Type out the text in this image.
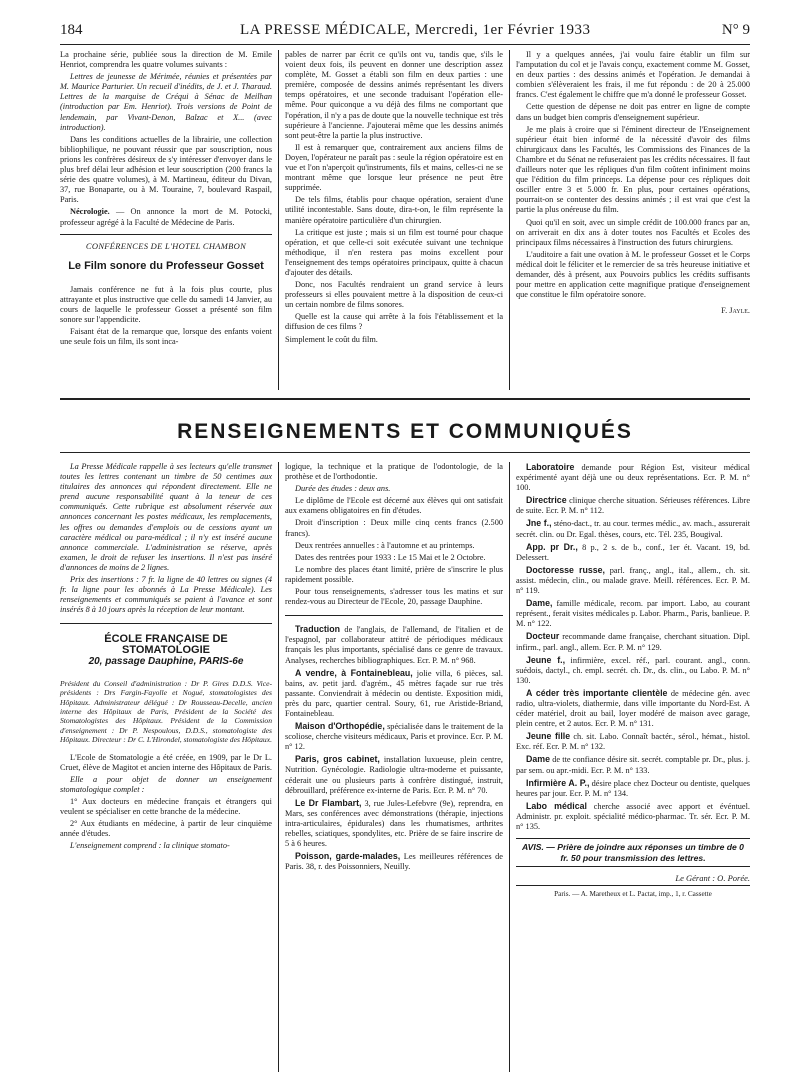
184	LA PRESSE MÉDICALE, Mercredi, 1er Février 1933	N° 9

La prochaine série, publiée sous la direction de M. Emile Henriot, comprendra les quatre volumes suivants :

Lettres de jeunesse de Mérimée, réunies et présentées par M. Maurice Parturier. Un recueil d'inédits, de J. et J. Tharaud. Lettres de la marquise de Créqui à Sénac de Meilhan (introduction par Em. Henriot). Trois versions de Point de lendemain, par Vivant-Denon, Balzac et X... (avec introduction).

Dans les conditions actuelles de la librairie, une collection bibliophilique, ne pouvant réussir que par souscription, nous prions les confrères désireux de s'y intéresser d'envoyer dans le plus bref délai leur adhésion et leur souscription (200 francs la série des quatre volumes), à M. Martineau, éditeur du Divan, 37, rue Bonaparte, ou à M. Touraine, 7, boulevard Raspail, Paris.

Nécrologie. — On annonce la mort de M. Potocki, professeur agrégé à la Faculté de Médecine de Paris.

CONFÉRENCES DE L'HOTEL CHAMBON
Le Film sonore du Professeur Gosset

Jamais conférence ne fut à la fois plus courte, plus attrayante et plus instructive que celle du samedi 14 Janvier, au cours de laquelle le professeur Gosset a présenté son film sonore sur l'appendicite.

Faisant état de la remarque que, lorsque des enfants voient une seule fois un film, ils sont inca-

pables de narrer par écrit ce qu'ils ont vu, tandis que, s'ils le voient deux fois, ils peuvent en donner une description assez complète, M. Gosset a établi son film en deux parties : une première, composée de dessins animés représentant les divers temps opératoires, et une seconde traduisant l'opération elle-même. Pour quiconque a vu déjà des films ne comportant que l'opération, il n'y a pas de doute que la nouvelle technique est très supérieure à l'ancienne. J'ajouterai même que les dessins animés sont peut-être la partie la plus instructive.

Il est à remarquer que, contrairement aux anciens films de Doyen, l'opérateur ne paraît pas : seule la région opératoire est en vue et l'on n'aperçoit qu'instruments, fils et mains, celles-ci ne se montrant même que lorsque leur présence ne peut être supprimée.

De tels films, établis pour chaque opération, seraient d'une utilité incontestable. Sans doute, dira-t-on, le film représente la manière opératoire particulière d'un chirurgien.

La critique est juste ; mais si un film est tourné pour chaque opération, et que celle-ci soit exécutée suivant une technique méthodique, il n'en restera pas moins excellent pour l'enseignement des temps opératoires principaux, quitte à chacun d'ajouter des détails.

Donc, nos Facultés rendraient un grand service à leurs professeurs si elles pouvaient mettre à la disposition de ceux-ci un certain nombre de films sonores.

Quelle est la cause qui arrête à la fois l'établissement et la diffusion de ces films ?

Simplement le coût du film.

Il y a quelques années, j'ai voulu faire établir un film sur l'amputation du col et je l'avais conçu, exactement comme M. Gosset, en deux parties : des dessins animés et l'opération. Je demandai à combien s'élèveraient les frais, il me fut répondu : de 20 à 25.000 francs. C'est également le chiffre que m'a donné le professeur Gosset.

Cette question de dépense ne doit pas entrer en ligne de compte dans un budget bien compris d'enseignement supérieur.

Je me plais à croire que si l'éminent directeur de l'Enseignement supérieur était bien informé de la nécessité d'avoir des films chirurgicaux dans les Facultés, les Commissions des Finances de la Chambre et du Sénat ne refuseraient pas les crédits nécessaires. Il faut d'ailleurs noter que les répliques d'un film coûtent infiniment moins que l'édition du film princeps. La dépense pour ces répliques doit osciller entre 3 et 5.000 fr. En plus, pour certaines opérations, pourrait-on se contenter des dessins animés ; il est vrai que c'est la partie la plus onéreuse du film.

Quoi qu'il en soit, avec un simple crédit de 100.000 francs par an, on arriverait en dix ans à doter toutes nos Facultés et Ecoles des principaux films nécessaires à l'instruction des futurs chirurgiens.

L'auditoire a fait une ovation à M. le professeur Gosset et le Corps médical doit le féliciter et le remercier de sa très heureuse initiative et demander, dès à présent, aux Pouvoirs publics les crédits suffisants pour mettre en application cette magnifique pratique d'enseignement que constitue le film opératoire sonore.

F. Jayle.
RENSEIGNEMENTS ET COMMUNIQUÉS

La Presse Médicale rappelle à ses lecteurs qu'elle transmet toutes les lettres contenant un timbre de 50 centimes aux titulaires des annonces qui répondent directement. Elle ne prend aucune responsabilité quant à la teneur de ces communiqués. Cette rubrique est absolument réservée aux annonces concernant les postes médicaux, les remplacements, les offres ou demandes d'emplois ou de cessions ayant un caractère médical ou para-médical ; il n'y est inséré aucune annonce commerciale. L'administration se réserve, après examen, le droit de refuser les insertions. Il n'est pas inséré d'annonces de moins de 2 lignes.

Prix des insertions : 7 fr. la ligne de 40 lettres ou signes (4 fr. la ligne pour les abonnés à La Presse Médicale). Les renseignements et communiqués se paient à l'avance et sont insérés 8 à 10 jours après la réception de leur montant.

ÉCOLE FRANÇAISE DE STOMATOLOGIE
20, passage Dauphine, PARIS-6e

Président du Conseil d'administration : Dr P. Gires D.D.S. Vice-présidents : Drs Fargin-Fayolle et Nogué, stomatologistes des Hôpitaux. Administrateur délégué : Dr Rousseau-Decelle, ancien interne des Hôpitaux de Paris, Président de la Société des Stomatologistes des Hôpitaux. Président de la Commission d'enseignement : Dr P. Nespoulous, D.D.S., stomatologiste des Hôpitaux. Directeur : Dr C. L'Hirondel, stomatologiste des Hôpitaux.

L'Ecole de Stomatologie a été créée, en 1909, par le Dr L. Cruet, élève de Magitot et ancien interne des Hôpitaux de Paris.

Elle a pour objet de donner un enseignement stomatologique complet :

1° Aux docteurs en médecine français et étrangers qui veulent se spécialiser en cette branche de la médecine.

2° Aux étudiants en médecine, à partir de leur cinquième année d'études.

L'enseignement comprend : la clinique stomato-

logique, la technique et la pratique de l'odontologie, de la prothèse et de l'orthodontie.

Durée des études : deux ans.

Le diplôme de l'Ecole est décerné aux élèves qui ont satisfait aux examens obligatoires en fin d'études.

Droit d'inscription : Deux mille cinq cents francs (2.500 francs).

Deux rentrées annuelles : à l'automne et au printemps.

Dates des rentrées pour 1933 : Le 15 Mai et le 2 Octobre.

Le nombre des places étant limité, prière de s'inscrire le plus rapidement possible.

Pour tous renseignements, s'adresser tous les matins et sur rendez-vous au Directeur de l'Ecole, 20, passage Dauphine.

Traduction de l'anglais, de l'allemand, de l'italien et de l'espagnol, par collaborateur attitré de périodiques médicaux français les plus importants, spécialisé dans ce genre de travaux. Analyses, recherches bibliographiques. Ecr. P. M. n° 968.

A vendre, à Fontainebleau, jolie villa, 6 pièces, sal. bains, av. petit jard. d'agrém., 45 mètres façade sur rue très passante. Conviendrait à médecin ou dentiste. Exposition midi, près du parc, quartier central. Soury, 61, rue Aristide-Briand, Fontainebleau.

Maison d'Orthopédie, spécialisée dans le traitement de la scoliose, cherche visiteurs médicaux, Paris et province. Ecr. P. M. n° 12.

Paris, gros cabinet, installation luxueuse, plein centre, Nutrition. Gynécologie. Radiologie ultra-moderne et puissante, céderait une ou plusieurs parts à confrère distingué, instruit, débrouillard, préférence ex-interne de Paris. Ecr. P. M. n° 70.

Le Dr Flambart, 3, rue Jules-Lefebvre (9e), reprendra, en Mars, ses conférences avec démonstrations (thérapie, injections intra-articulaires, épidurales) dans les rhumatismes, arthrites rebelles, sciatiques, spondylites, etc. Prière de se faire inscrire de 5 à 6 heures.

Poisson, garde-malades, Les meilleures références de Paris. 38, r. des Poissonniers, Neuilly.

Laboratoire demande pour Région Est, visiteur médical expérimenté ayant déjà une ou deux représentations. Ecr. P. M. n° 100.

Directrice clinique cherche situation. Sérieuses références. Libre de suite. Ecr. P. M. n° 112.

Jne f., sténo-dact., tr. au cour. termes médic., av. mach., assurerait secrét. clin. ou Dr. Egal. thèses, cours, etc. Tél. 235, Bougival.

App. pr Dr., 8 p., 2 s. de b., conf., 1er ét. Vacant. 19, bd. Delessert.

Doctoresse russe, parl. franç., angl., ital., allem., ch. sit. assist. médecin, clin., ou malade grave. Meill. références. Ecr. P. M. n° 119.

Dame, famille médicale, recom. par import. Labo, au courant représent., ferait visites médicales p. Labor. Pharm., Paris, banlieue. P. M. n° 122.

Docteur recommande dame française, cherchant situation. Dipl. infirm., parl. angl., allem. Ecr. P. M. n° 129.

Jeune f., infirmière, excel. réf., parl. courant. angl., conn. suédois, dactyl., ch. empl. secrét. ch. Dr., ds. clin., ou Labo. P. M. n° 130.

A céder très importante clientèle de médecine gén. avec radio, ultra-violets, diathermie, dans ville importante du Nord-Est. A céder matériel, droit au bail, loyer modéré de maison avec garage, plein centre, et 2 autos. Ecr. P. M. n° 131.

Jeune fille ch. sit. Labo. Connaît bactér., sérol., hémat., histol. Exc. réf. Ecr. P. M. n° 132.

Dame de tte confiance désire sit. secrét. comptable pr. Dr., plus. j. par sem. ou apr.-midi. Ecr. P. M. n° 133.

Infirmière A. P., désire place chez Docteur ou dentiste, quelques heures par jour. Ecr. P. M. n° 134.

Labo médical cherche associé avec apport et événtuel. Administr. pr. exploit. spécialité médico-pharmac. Tr. sér. Ecr. P. M. n° 135.

AVIS. — Prière de joindre aux réponses un timbre de 0 fr. 50 pour transmission des lettres.
Le Gérant : O. Porée.
Paris. — A. Maretheux et L. Pactat, imp., 1, r. Cassette
